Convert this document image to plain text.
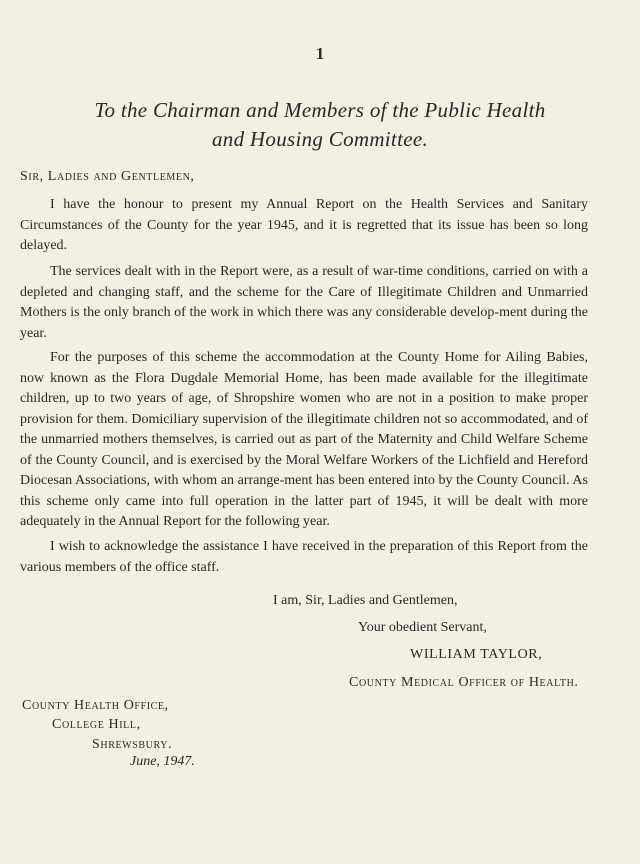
1
To the Chairman and Members of the Public Health
and Housing Committee.
Sir, Ladies and Gentlemen,

I have the honour to present my Annual Report on the Health Services and Sanitary Circumstances of the County for the year 1945, and it is regretted that its issue has been so long delayed.

The services dealt with in the Report were, as a result of war-time conditions, carried on with a depleted and changing staff, and the scheme for the Care of Illegitimate Children and Unmarried Mothers is the only branch of the work in which there was any considerable develop-ment during the year.

For the purposes of this scheme the accommodation at the County Home for Ailing Babies, now known as the Flora Dugdale Memorial Home, has been made available for the illegitimate children, up to two years of age, of Shropshire women who are not in a position to make proper provision for them. Domiciliary supervision of the illegitimate children not so accommodated, and of the unmarried mothers themselves, is carried out as part of the Maternity and Child Welfare Scheme of the County Council, and is exercised by the Moral Welfare Workers of the Lichfield and Hereford Diocesan Associations, with whom an arrange-ment has been entered into by the County Council. As this scheme only came into full operation in the latter part of 1945, it will be dealt with more adequately in the Annual Report for the following year.

I wish to acknowledge the assistance I have received in the preparation of this Report from the various members of the office staff.

I am, Sir, Ladies and Gentlemen,
Your obedient Servant,
WILLIAM TAYLOR,
County Medical Officer of Health.
County Health Office,
College Hill,
Shrewsbury.
June, 1947.
